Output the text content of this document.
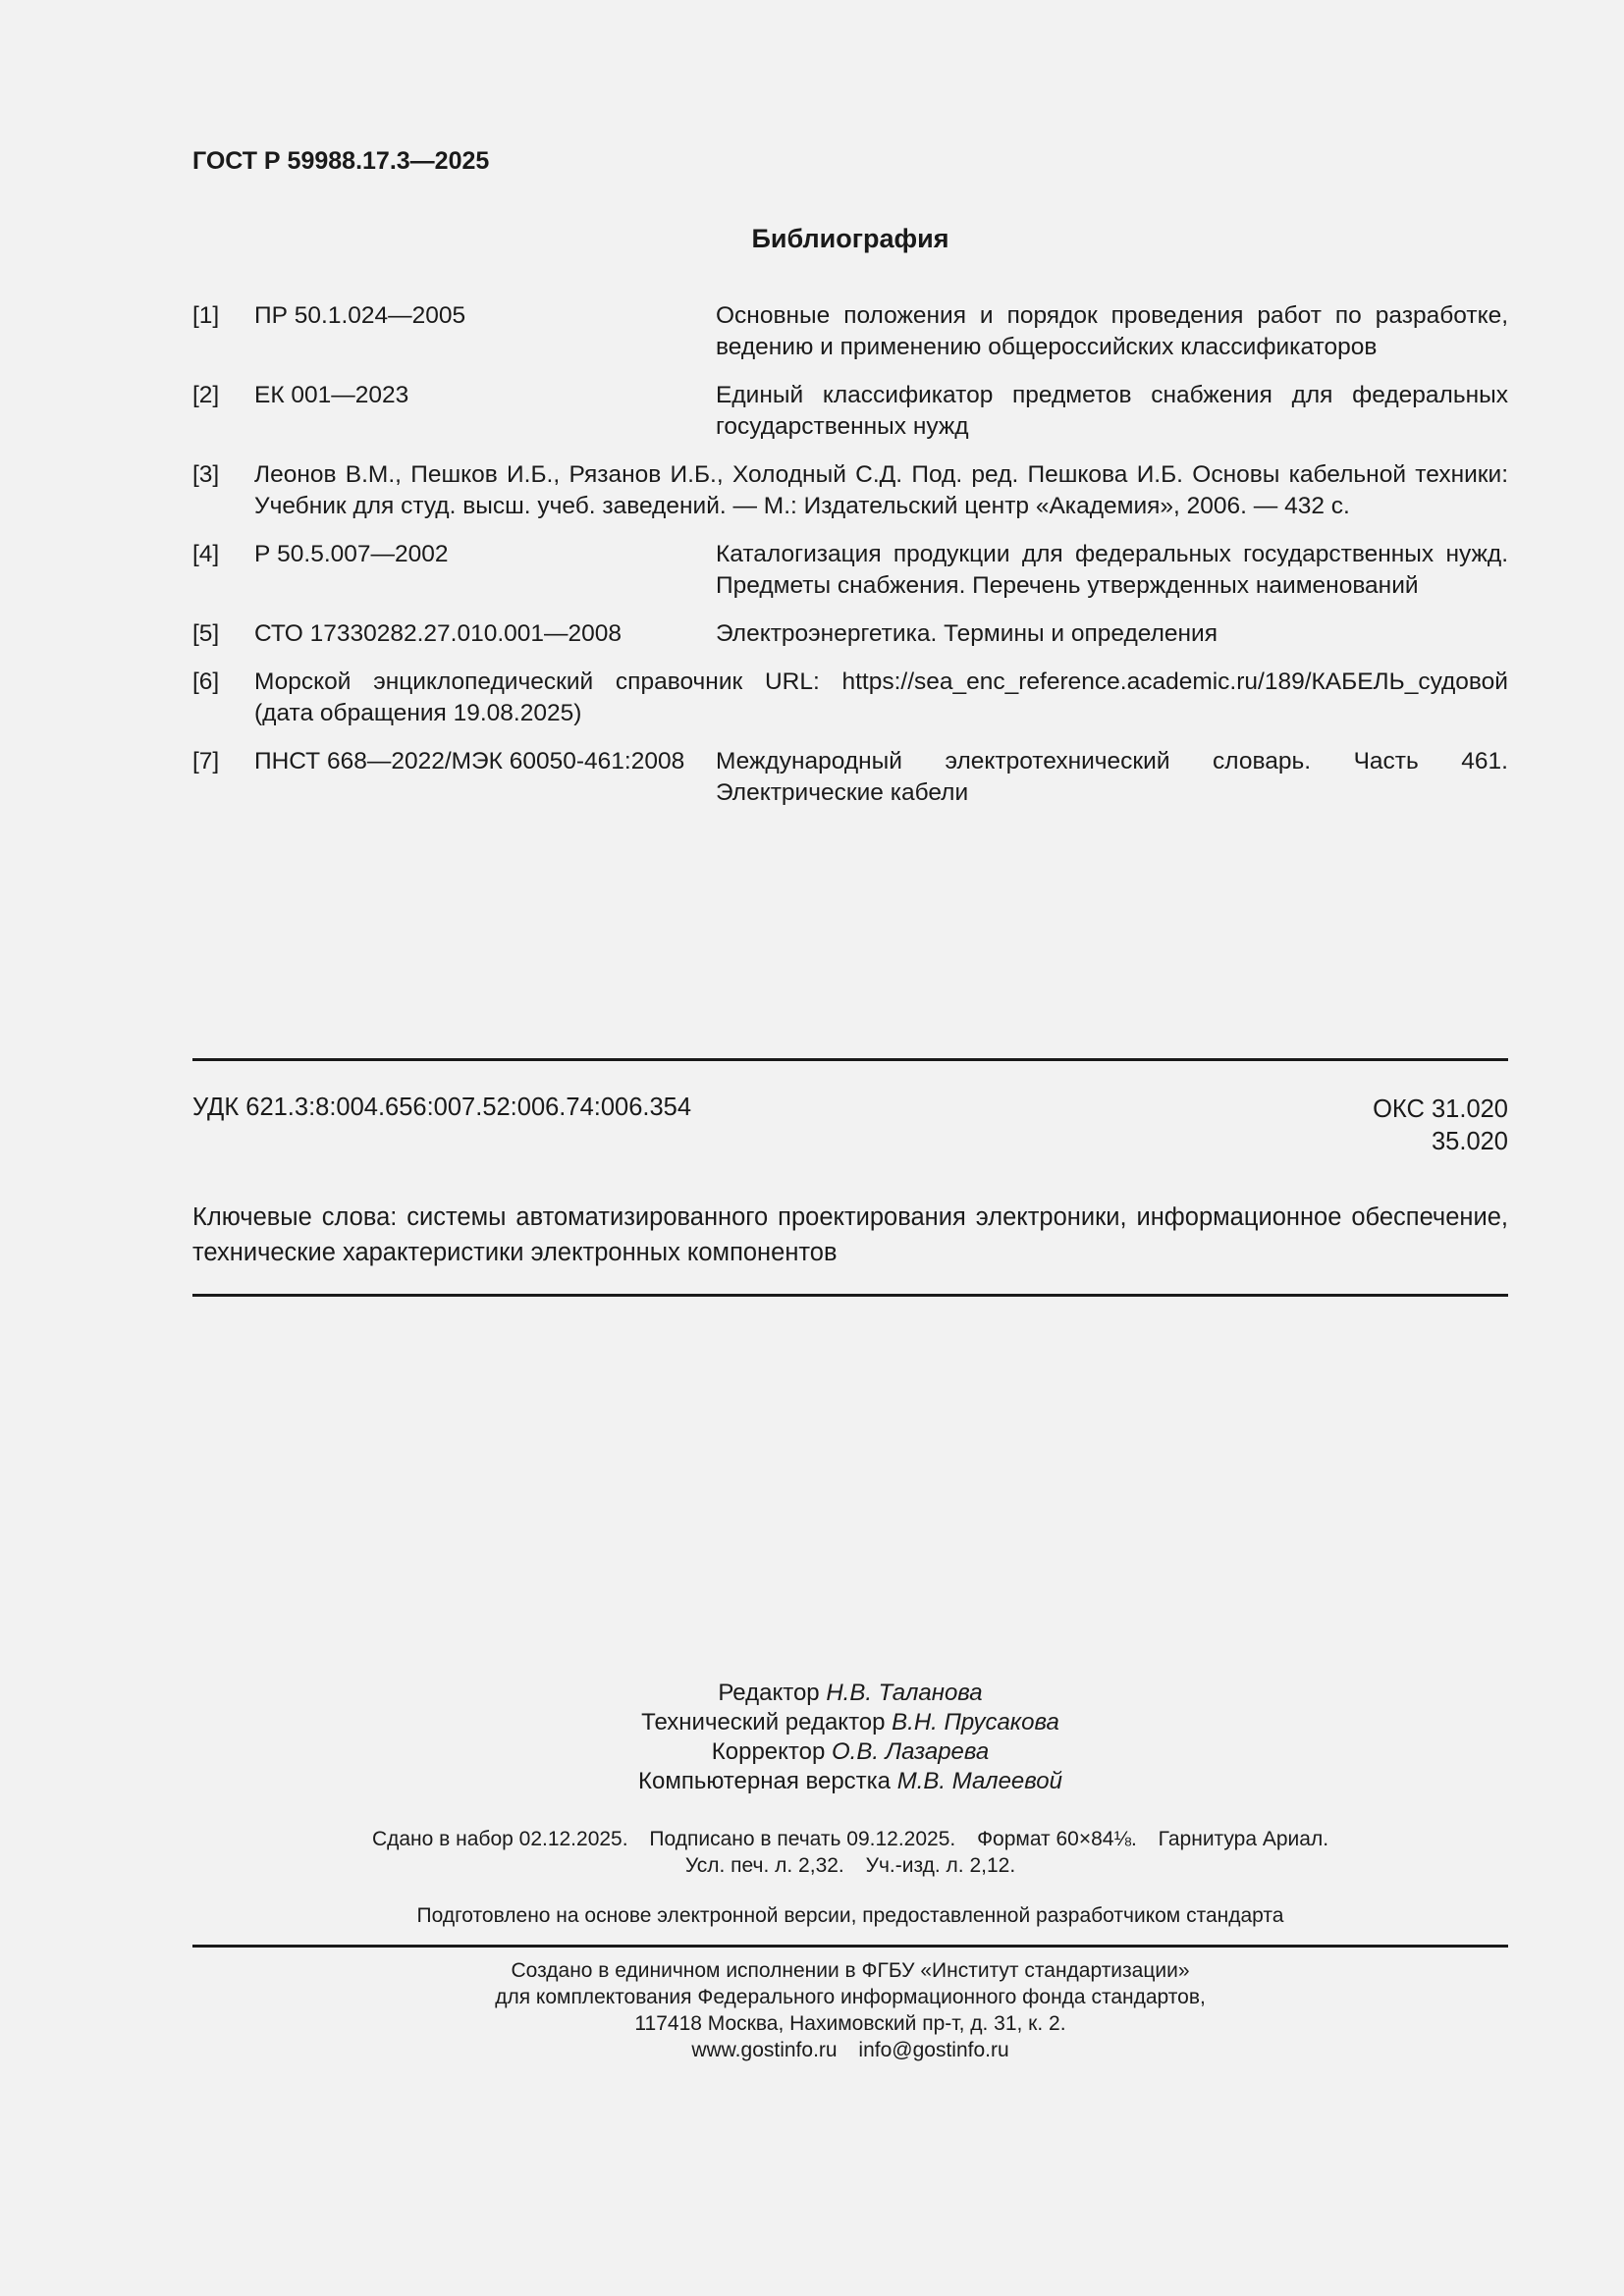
ГОСТ Р 59988.17.3—2025
Библиография
[1]	ПР 50.1.024—2005	Основные положения и порядок проведения работ по разработке, ведению и применению общероссийских классификаторов
[2]	ЕК 001—2023	Единый классификатор предметов снабжения для федеральных государственных нужд
[3]	Леонов В.М., Пешков И.Б., Рязанов И.Б., Холодный С.Д. Под. ред. Пешкова И.Б. Основы кабельной техники: Учебник для студ. высш. учеб. заведений. — М.: Издательский центр «Академия», 2006. — 432 с.
[4]	Р 50.5.007—2002	Каталогизация продукции для федеральных государственных нужд. Предметы снабжения. Перечень утвержденных наименований
[5]	СТО 17330282.27.010.001—2008	Электроэнергетика. Термины и определения
[6]	Морской энциклопедический справочник URL: https://sea_enc_reference.academic.ru/189/КАБЕЛЬ_судовой (дата обращения 19.08.2025)
[7]	ПНСТ 668—2022/МЭК 60050-461:2008	Международный электротехнический словарь. Часть 461. Электрические кабели
УДК 621.3:8:004.656:007.52:006.74:006.354	ОКС 31.020
35.020
Ключевые слова: системы автоматизированного проектирования электроники, информационное обеспечение, технические характеристики электронных компонентов
Редактор Н.В. Таланова
Технический редактор В.Н. Прусакова
Корректор О.В. Лазарева
Компьютерная верстка М.В. Малеевой
Сдано в набор 02.12.2025. Подписано в печать 09.12.2025. Формат 60×84⅛. Гарнитура Ариал.
Усл. печ. л. 2,32. Уч.-изд. л. 2,12.
Подготовлено на основе электронной версии, предоставленной разработчиком стандарта
Создано в единичном исполнении в ФГБУ «Институт стандартизации»
для комплектования Федерального информационного фонда стандартов,
117418 Москва, Нахимовский пр-т, д. 31, к. 2.
www.gostinfo.ru info@gostinfo.ru
